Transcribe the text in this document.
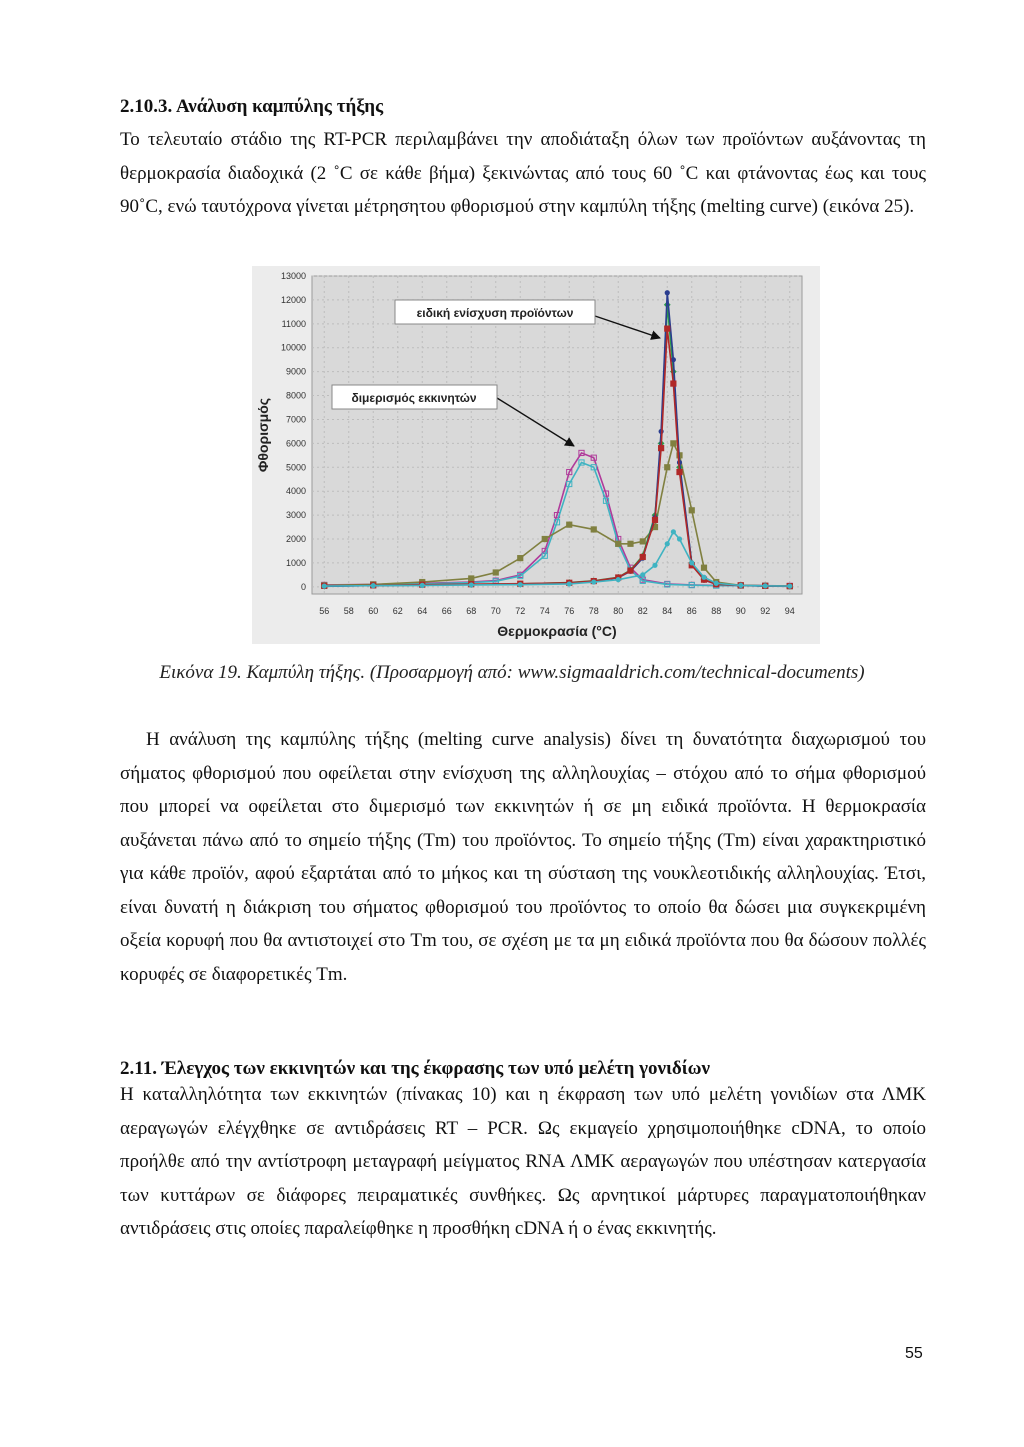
2.10.3. Ανάλυση καμπύλης τήξης
Το τελευταίο στάδιο της RT-PCR περιλαμβάνει την αποδιάταξη όλων των προϊόντων αυξάνοντας τη θερμοκρασία διαδοχικά (2 ˚C σε κάθε βήμα) ξεκινώντας από τους 60 ˚C και φτάνοντας έως και τους 90˚C, ενώ ταυτόχρονα γίνεται μέτρησητου φθορισμού στην καμπύλη τήξης (melting curve) (εικόνα 25).
0
1000
2000
3000
4000
5000
6000
7000
8000
9000
10000
11000
12000
13000
56 58 60 62 64 66 68 70 72 74 76 78 80 82 84 86 88 90 92 94
Θερμοκρασία (°C)
Φθορισμός
ειδική ενίσχυση προϊόντων
διμερισμός εκκινητών
Εικόνα 19. Καμπύλη τήξης. (Προσαρμογή από: www.sigmaaldrich.com/technical-documents)
Η ανάλυση της καμπύλης τήξης (melting curve analysis) δίνει τη δυνατότητα διαχωρισμού του σήματος φθορισμού που οφείλεται στην ενίσχυση της αλληλουχίας – στόχου από το σήμα φθορισμού που μπορεί να οφείλεται στο διμερισμό των εκκινητών ή σε μη ειδικά προϊόντα. Η θερμοκρασία αυξάνεται πάνω από το σημείο τήξης (Tm) του προϊόντος. Το σημείο τήξης (Tm) είναι χαρακτηριστικό για κάθε προϊόν, αφού εξαρτάται από το μήκος και τη σύσταση της νουκλεοτιδικής αλληλουχίας. Έτσι, είναι δυνατή η διάκριση του σήματος φθορισμού του προϊόντος το οποίο θα δώσει μια συγκεκριμένη οξεία κορυφή που θα αντιστοιχεί στο Tm του, σε σχέση με τα μη ειδικά προϊόντα που θα δώσουν πολλές κορυφές σε διαφορετικές Tm.
2.11. Έλεγχος των εκκινητών και της έκφρασης των υπό μελέτη γονιδίων
Η καταλληλότητα των εκκινητών (πίνακας 10) και η έκφραση των υπό μελέτη γονιδίων στα ΛΜΚ αεραγωγών ελέγχθηκε σε αντιδράσεις RT – PCR. Ως εκμαγείο χρησιμοποιήθηκε cDNA, το οποίο προήλθε από την αντίστροφη μεταγραφή μείγματος RNA ΛΜΚ αεραγωγών που υπέστησαν κατεργασία των κυττάρων σε διάφορες πειραματικές συνθήκες. Ως αρνητικοί μάρτυρες παραγματοποιήθηκαν αντιδράσεις στις οποίες παραλείφθηκε η προσθήκη cDNA ή ο ένας εκκινητής.
55
